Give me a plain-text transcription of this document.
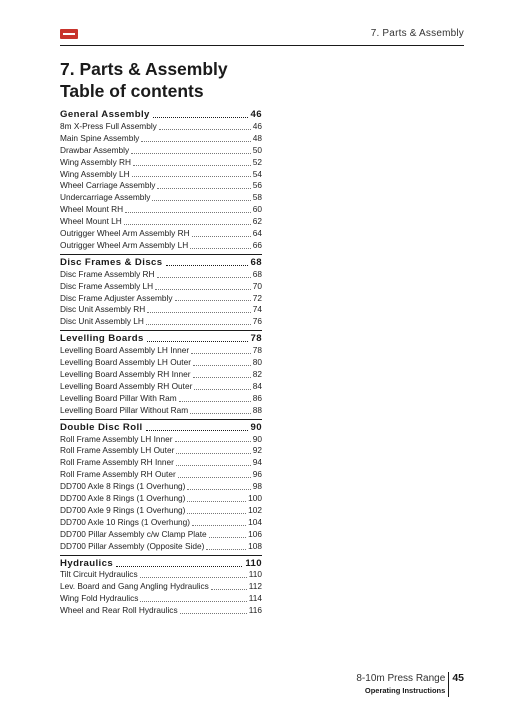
7. Parts & Assembly
7. Parts & Assembly
Table of contents
General Assembly	46
8m X-Press Full Assembly	46
Main Spine Assembly	48
Drawbar Assembly	50
Wing Assembly RH	52
Wing Assembly LH	54
Wheel Carriage Assembly	56
Undercarriage Assembly	58
Wheel Mount RH	60
Wheel Mount LH	62
Outrigger Wheel Arm Assembly RH	64
Outrigger Wheel Arm Assembly LH	66
Disc Frames & Discs	68
Disc Frame Assembly RH	68
Disc Frame Assembly LH	70
Disc Frame Adjuster Assembly	72
Disc Unit Assembly RH	74
Disc Unit Assembly LH	76
Levelling Boards	78
Levelling Board Assembly LH Inner	78
Levelling Board Assembly LH Outer	80
Levelling Board Assembly RH Inner	82
Levelling Board Assembly RH Outer	84
Levelling Board Pillar With Ram	86
Levelling Board Pillar Without Ram	88
Double Disc Roll	90
Roll Frame Assembly LH Inner	90
Roll Frame Assembly LH Outer	92
Roll Frame Assembly RH Inner	94
Roll Frame Assembly RH Outer	96
DD700 Axle 8 Rings (1 Overhung)	98
DD700 Axle 8 Rings (1 Overhung)	100
DD700 Axle 9 Rings (1 Overhung)	102
DD700 Axle 10 Rings (1 Overhung)	104
DD700 Pillar Assembly c/w Clamp Plate	106
DD700 Pillar Assembly (Opposite Side)	108
Hydraulics	110
Tilt Circuit Hydraulics	110
Lev. Board and Gang Angling Hydraulics	112
Wing Fold Hydraulics	114
Wheel and Rear Roll Hydraulics	116
8-10m Press Range
Operating Instructions
45
